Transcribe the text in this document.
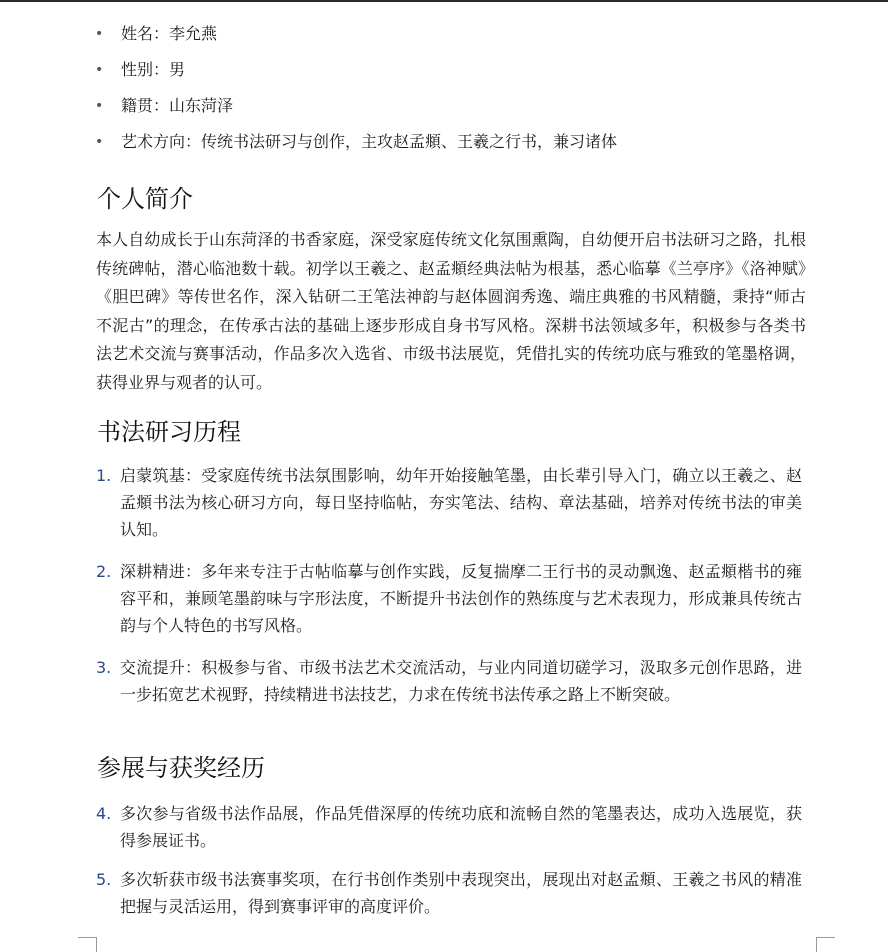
•	姓名： 李允燕
•	性别： 男
•	籍贯： 山东菏泽
•	艺术方向： 传统书法研习与创作，主攻赵孟頫、王羲之行书，兼习诸体
个人简介

本人自幼成长于山东菏泽的书香家庭，深受家庭传统文化氛围熏陶，自幼便开启书法研习之路，扎根传统碑帖，潜心临池数十载。初学以王羲之、赵孟頫经典法帖为根基，悉心临摹《兰亭序》《洛神赋》《胆巴碑》等传世名作，深入钻研二王笔法神韵与赵体圆润秀逸、端庄典雅的书风精髓，秉持“师古不泥古”的理念，在传承古法的基础上逐步形成自身书写风格。深耕书法领域多年，积极参与各类书法艺术交流与赛事活动，作品多次入选省、市级书法展览，凭借扎实的传统功底与雅致的笔墨格调，获得业界与观者的认可。

书法研习历程
1. 启蒙筑基：受家庭传统书法氛围影响，幼年开始接触笔墨，由长辈引导入门，确立以王羲之、赵孟頫书法为核心研习方向，每日坚持临帖，夯实笔法、结构、章法基础，培养对传统书法的审美认知。
2. 深耕精进：多年来专注于古帖临摹与创作实践，反复揣摩二王行书的灵动飘逸、赵孟頫楷书的雍容平和，兼顾笔墨韵味与字形法度，不断提升书法创作的熟练度与艺术表现力，形成兼具传统古韵与个人特色的书写风格。
3. 交流提升：积极参与省、市级书法艺术交流活动，与业内同道切磋学习，汲取多元创作思路，进一步拓宽艺术视野，持续精进书法技艺，力求在传统书法传承之路上不断突破。
参展与获奖经历
4. 多次参与省级书法作品展，作品凭借深厚的传统功底和流畅自然的笔墨表达，成功入选展览，获得参展证书。
5. 多次斩获市级书法赛事奖项，在行书创作类别中表现突出，展现出对赵孟頫、王羲之书风的精准把握与灵活运用，得到赛事评审的高度评价。
